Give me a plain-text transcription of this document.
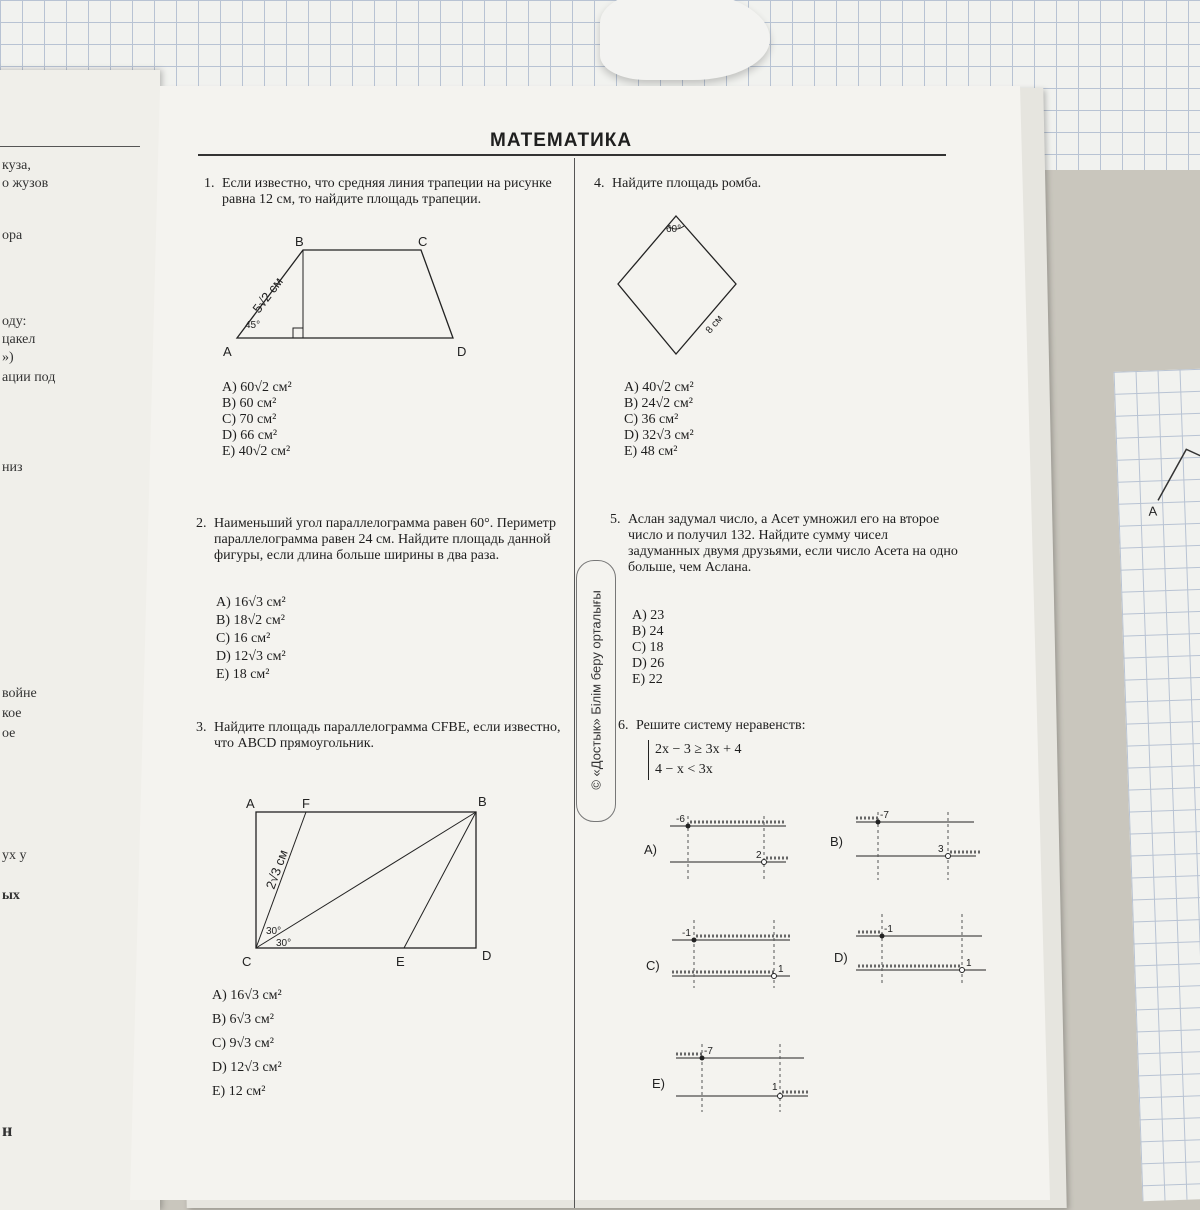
A
кузa,
о жузов
ора
оду:
цакел
»)
ации под
низ
войне
кое
ое
ух у
ых
н
МАТЕМАТИКА
© «Достык» Білім беру орталығы
1. Если известно, что средняя линия трапеции на рисунке равна 12 см, то найдите площадь трапеции.
B	C
A	D
45°
5√2 см
A) 60√2 см²
B) 60 см²
C) 70 см²
D) 66 см²
E) 40√2 см²
2. Наименьший угол параллелограмма равен 60°. Периметр параллелограмма равен 24 см. Найдите площадь данной фигуры, если длина больше ширины в два раза.
A) 16√3 см²
B) 18√2 см²
C) 16 см²
D) 12√3 см²
E) 18 см²
3. Найдите площадь параллелограмма CFBE, если известно, что ABCD прямоугольник.
A	F	B
C	E	D
30°
30°
2√3 см
A) 16√3 см²
B) 6√3 см²
C) 9√3 см²
D) 12√3 см²
E) 12 см²
4. Найдите площадь ромба.
60°
8 см
A) 40√2 см²
B) 24√2 см²
C) 36 см²
D) 32√3 см²
E) 48 см²
5. Аслан задумал число, а Асет умножил его на второе число и получил 132. Найдите сумму чисел задуманных двумя друзьями, если число Асета на одно больше, чем Аслана.
A) 23
B) 24
C) 18
D) 26
E) 22
6. Решите систему неравенств:
2x − 3 ≥ 3x + 4
4 − x < 3x
A)
-6
2
B)
-7
3
C)
-1
1
D)
-1
1
E)
-7
1
